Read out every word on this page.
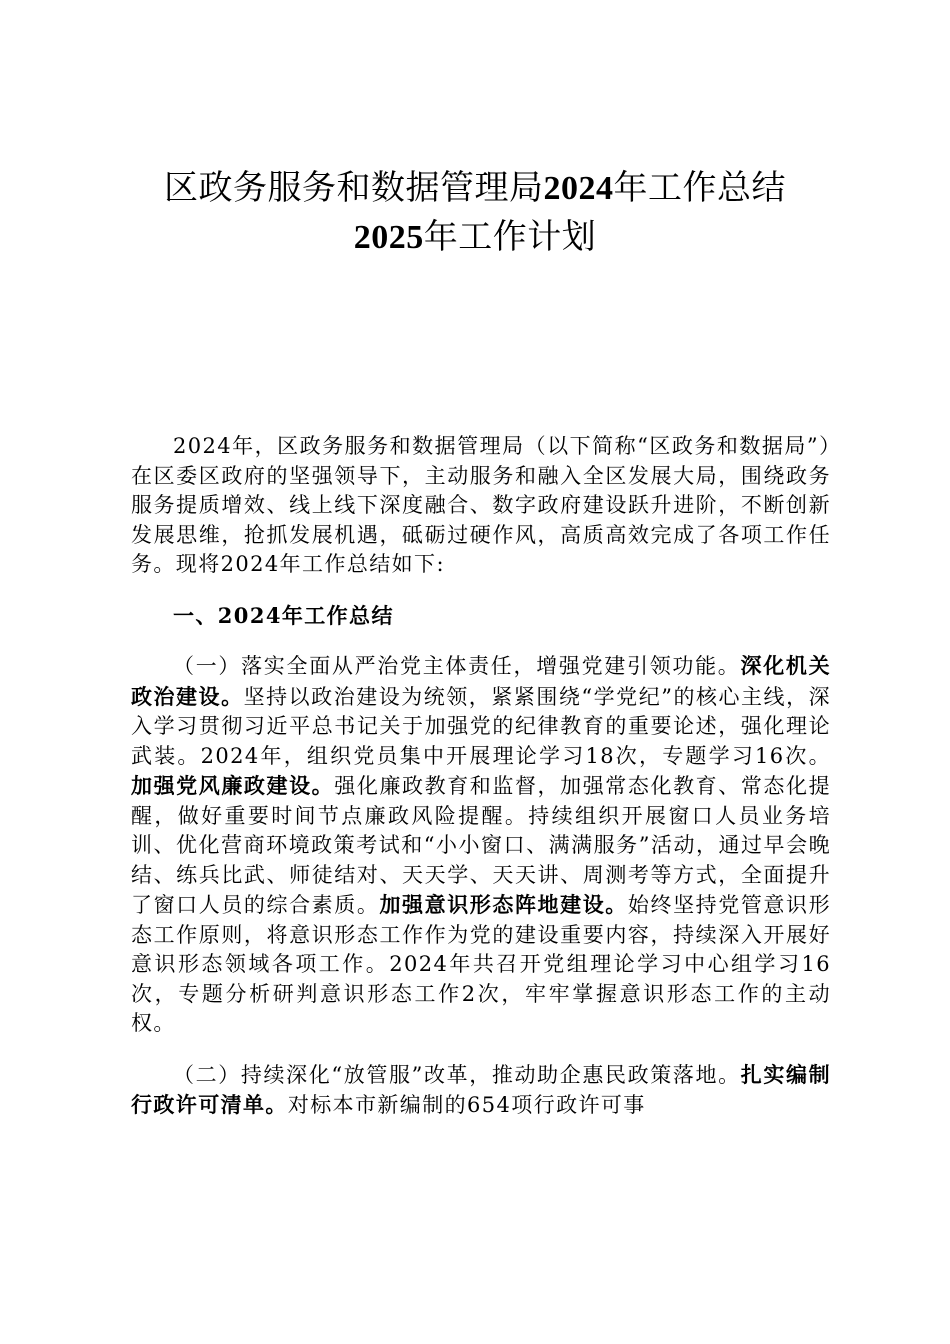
区政务服务和数据管理局2024年工作总结
2025年工作计划

2024年，区政务服务和数据管理局（以下简称“区政务和数据局”）在区委区政府的坚强领导下，主动服务和融入全区发展大局，围绕政务服务提质增效、线上线下深度融合、数字政府建设跃升进阶，不断创新发展思维，抢抓发展机遇，砥砺过硬作风，高质高效完成了各项工作任务。现将2024年工作总结如下:

一、2024年工作总结

（一）落实全面从严治党主体责任，增强党建引领功能。深化机关政治建设。坚持以政治建设为统领，紧紧围绕“学党纪”的核心主线，深入学习贯彻习近平总书记关于加强党的纪律教育的重要论述，强化理论武装。2024年，组织党员集中开展理论学习18次，专题学习16次。加强党风廉政建设。强化廉政教育和监督，加强常态化教育、常态化提醒，做好重要时间节点廉政风险提醒。持续组织开展窗口人员业务培训、优化营商环境政策考试和“小小窗口、满满服务”活动，通过早会晚结、练兵比武、师徒结对、天天学、天天讲、周测考等方式，全面提升了窗口人员的综合素质。加强意识形态阵地建设。始终坚持党管意识形态工作原则，将意识形态工作作为党的建设重要内容，持续深入开展好意识形态领域各项工作。2024年共召开党组理论学习中心组学习16次，专题分析研判意识形态工作2次，牢牢掌握意识形态工作的主动权。

（二）持续深化“放管服”改革，推动助企惠民政策落地。扎实编制行政许可清单。对标本市新编制的654项行政许可事
